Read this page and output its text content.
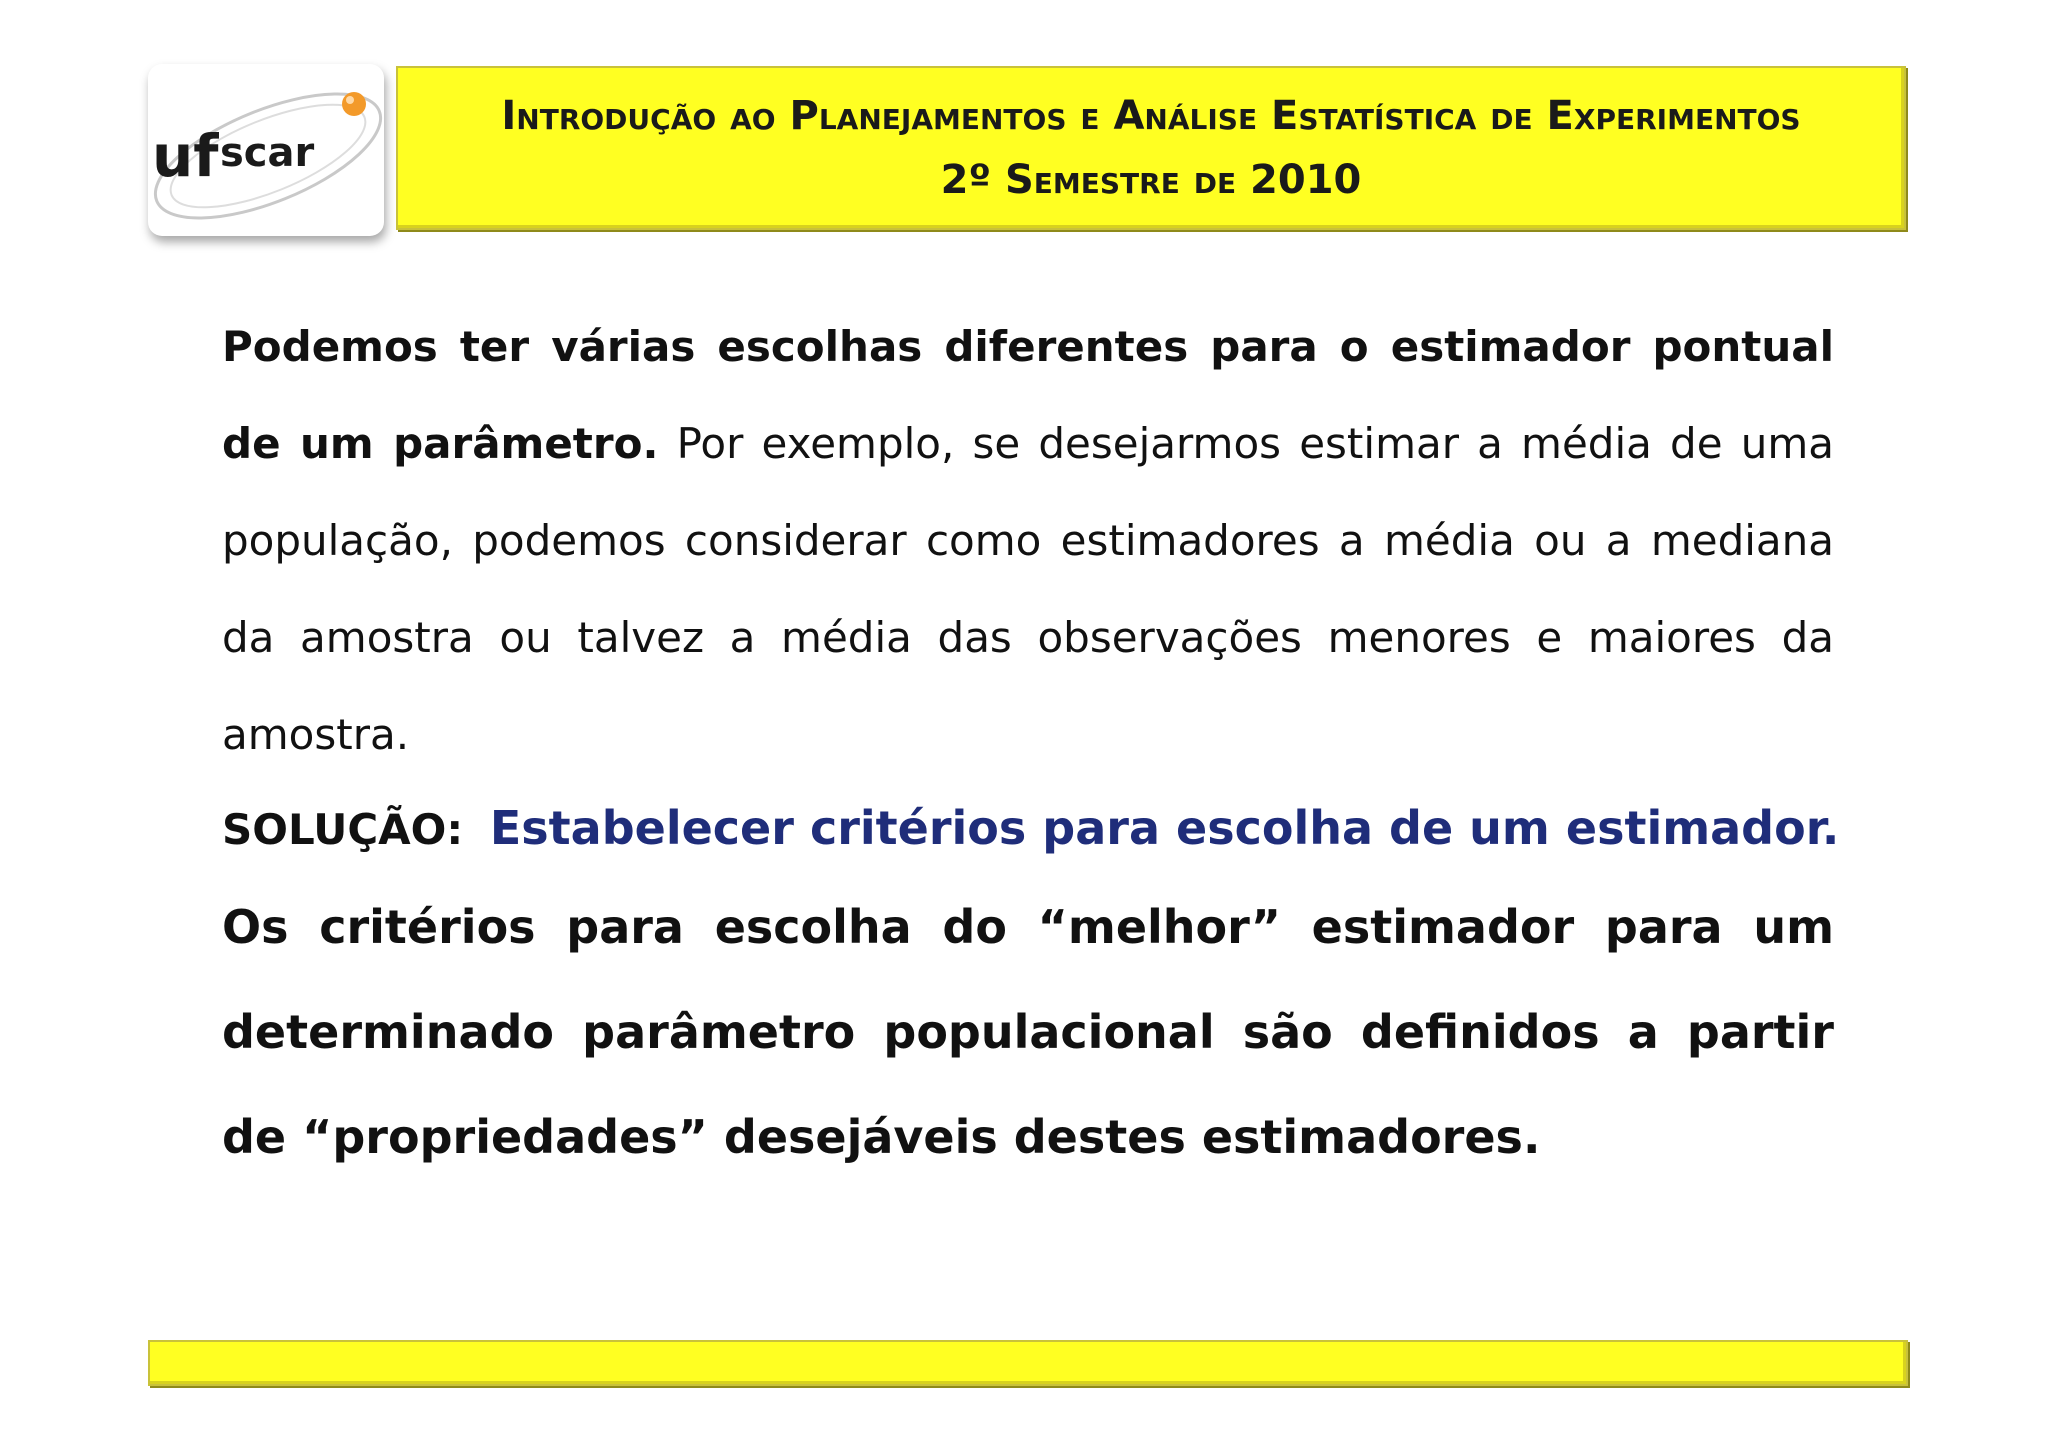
uf scar
Introdução ao Planejamentos e Análise Estatística de Experimentos
2º Semestre de 2010

Podemos ter várias escolhas diferentes para o estimador pontual de um parâmetro. Por exemplo, se desejarmos estimar a média de uma população, podemos considerar como estimadores a média ou a mediana da amostra ou talvez a média das observações menores e maiores da amostra.

SOLUÇÃO: Estabelecer critérios para escolha de um estimador.

Os critérios para escolha do “melhor” estimador para um determinado parâmetro populacional são definidos a partir de “propriedades” desejáveis destes estimadores.
